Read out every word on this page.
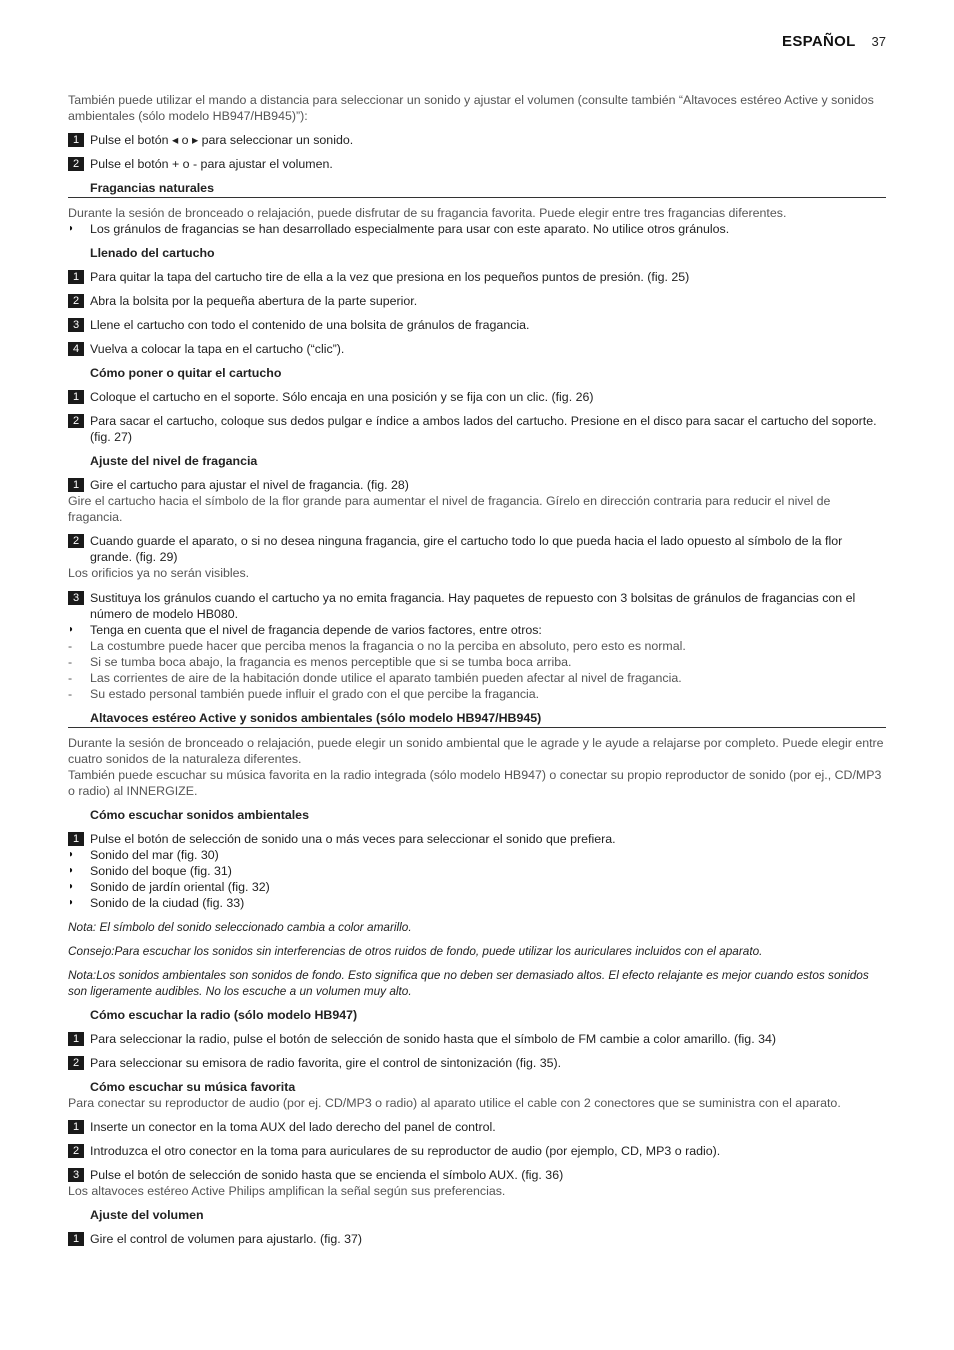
ESPAÑOL 37

También puede utilizar el mando a distancia para seleccionar un sonido y ajustar el volumen (consulte también “Altavoces estéreo Active y sonidos ambientales (sólo modelo HB947/HB945)”):

1 Pulse el botón ◂ o ▸ para seleccionar un sonido.
2 Pulse el botón + o - para ajustar el volumen.
Fragancias naturales

Durante la sesión de bronceado o relajación, puede disfrutar de su fragancia favorita. Puede elegir entre tres fragancias diferentes.

◗	Los gránulos de fragancias se han desarrollado especialmente para usar con este aparato. No utilice otros gránulos.
Llenado del cartucho
1 Para quitar la tapa del cartucho tire de ella a la vez que presiona en los pequeños puntos de presión. (fig. 25)
2 Abra la bolsita por la pequeña abertura de la parte superior.
3 Llene el cartucho con todo el contenido de una bolsita de gránulos de fragancia.
4 Vuelva a colocar la tapa en el cartucho (“clic”).
Cómo poner o quitar el cartucho
1 Coloque el cartucho en el soporte. Sólo encaja en una posición y se fija con un clic. (fig. 26)
2 Para sacar el cartucho, coloque sus dedos pulgar e índice a ambos lados del cartucho. Presione en el disco para sacar el cartucho del soporte. (fig. 27)
Ajuste del nivel de fragancia
1 Gire el cartucho para ajustar el nivel de fragancia. (fig. 28)

Gire el cartucho hacia el símbolo de la flor grande para aumentar el nivel de fragancia. Gírelo en dirección contraria para reducir el nivel de fragancia.

2 Cuando guarde el aparato, o si no desea ninguna fragancia, gire el cartucho todo lo que pueda hacia el lado opuesto al símbolo de la flor grande. (fig. 29)

Los orificios ya no serán visibles.

3 Sustituya los gránulos cuando el cartucho ya no emita fragancia. Hay paquetes de repuesto con 3 bolsitas de gránulos de fragancias con el número de modelo HB080.
◗	Tenga en cuenta que el nivel de fragancia depende de varios factores, entre otros:
-	La costumbre puede hacer que perciba menos la fragancia o no la perciba en absoluto, pero esto es normal.
-	Si se tumba boca abajo, la fragancia es menos perceptible que si se tumba boca arriba.
-	Las corrientes de aire de la habitación donde utilice el aparato también pueden afectar al nivel de fragancia.
-	Su estado personal también puede influir el grado con el que percibe la fragancia.
Altavoces estéreo Active y sonidos ambientales (sólo modelo HB947/HB945)

Durante la sesión de bronceado o relajación, puede elegir un sonido ambiental que le agrade y le ayude a relajarse por completo. Puede elegir entre cuatro sonidos de la naturaleza diferentes.

También puede escuchar su música favorita en la radio integrada (sólo modelo HB947) o conectar su propio reproductor de sonido (por ej., CD/MP3 o radio) al INNERGIZE.

Cómo escuchar sonidos ambientales
1 Pulse el botón de selección de sonido una o más veces para seleccionar el sonido que prefiera.
◗	Sonido del mar (fig. 30)
◗	Sonido del boque (fig. 31)
◗	Sonido de jardín oriental (fig. 32)
◗	Sonido de la ciudad (fig. 33)

Nota: El símbolo del sonido seleccionado cambia a color amarillo.

Consejo:Para escuchar los sonidos sin interferencias de otros ruidos de fondo, puede utilizar los auriculares incluidos con el aparato.

Nota:Los sonidos ambientales son sonidos de fondo. Esto significa que no deben ser demasiado altos. El efecto relajante es mejor cuando estos sonidos son ligeramente audibles. No los escuche a un volumen muy alto.

Cómo escuchar la radio (sólo modelo HB947)
1 Para seleccionar la radio, pulse el botón de selección de sonido hasta que el símbolo de FM cambie a color amarillo. (fig. 34)
2 Para seleccionar su emisora de radio favorita, gire el control de sintonización (fig. 35).
Cómo escuchar su música favorita

Para conectar su reproductor de audio (por ej. CD/MP3 o radio) al aparato utilice el cable con 2 conectores que se suministra con el aparato.

1 Inserte un conector en la toma AUX del lado derecho del panel de control.
2 Introduzca el otro conector en la toma para auriculares de su reproductor de audio (por ejemplo, CD, MP3 o radio).
3 Pulse el botón de selección de sonido hasta que se encienda el símbolo AUX. (fig. 36)

Los altavoces estéreo Active Philips amplifican la señal según sus preferencias.

Ajuste del volumen
1 Gire el control de volumen para ajustarlo. (fig. 37)
